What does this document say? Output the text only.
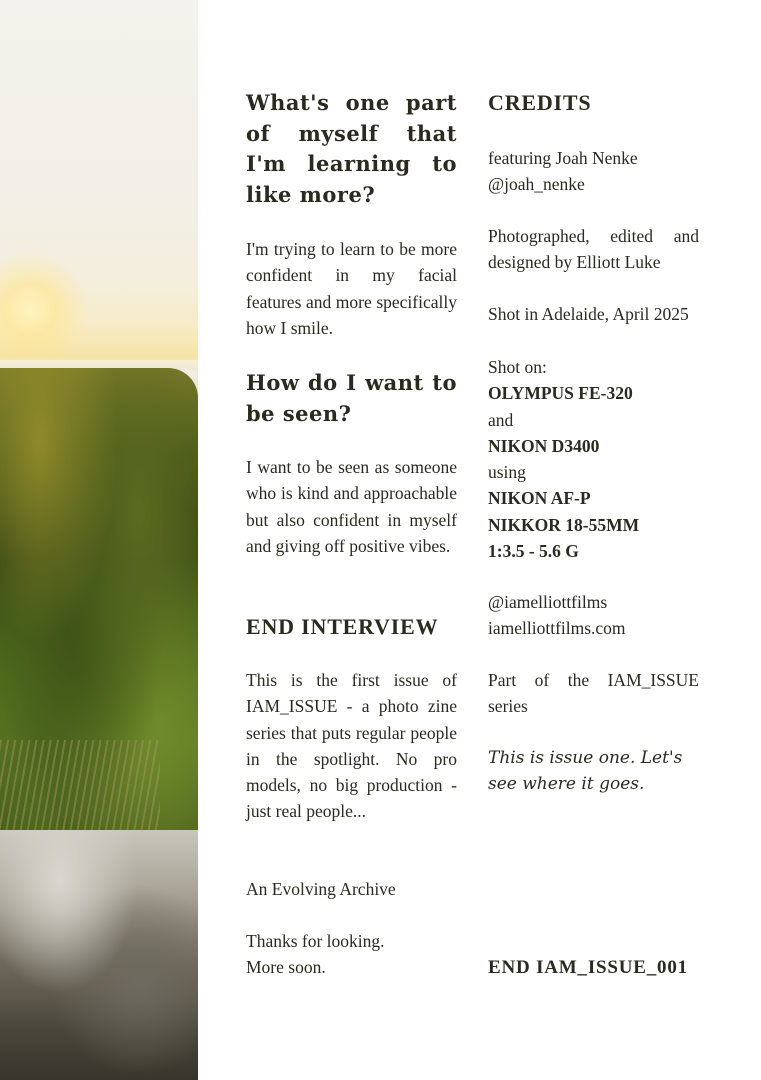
What's one part of myself that I'm learning to like more?

I'm trying to learn to be more confident in my facial features and more specifically how I smile.

How do I want to be seen?

I want to be seen as someone who is kind and approachable but also confident in myself and giving off positive vibes.

END INTERVIEW

This is the first issue of IAM_ISSUE - a photo zine series that puts regular people in the spotlight. No pro models, no big production - just real people...

An Evolving Archive

Thanks for looking.
More soon.

CREDITS

featuring Joah Nenke
@joah_nenke

Photographed, edited and designed by Elliott Luke

Shot in Adelaide, April 2025

Shot on:
OLYMPUS FE-320
and
NIKON D3400
using
NIKON AF-P
NIKKOR 18-55MM
1:3.5 - 5.6 G

@iamelliottfilms
iamelliottfilms.com

Part of the IAM_ISSUE series

This is issue one. Let's see where it goes.

END IAM_ISSUE_001
